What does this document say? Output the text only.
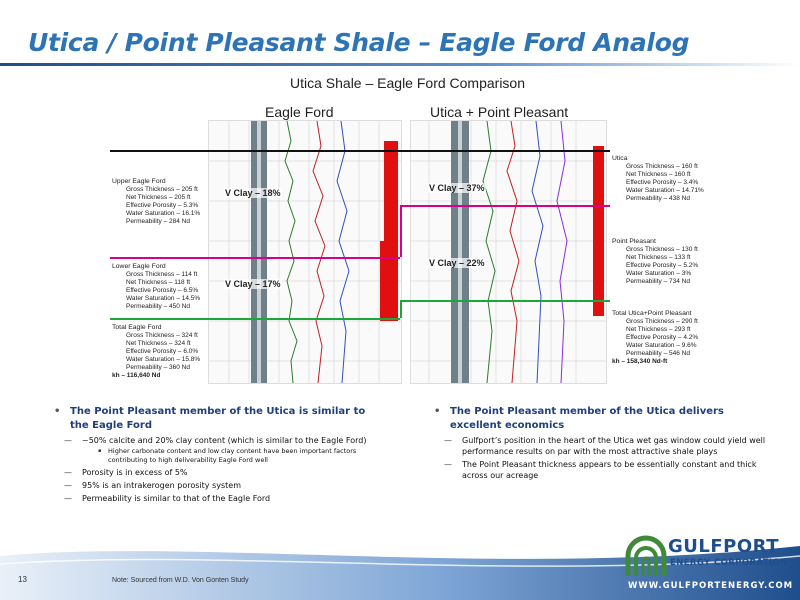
Utica / Point Pleasant Shale – Eagle Ford Analog
Utica Shale – Eagle Ford Comparison
Eagle Ford	Utica + Point Pleasant
V Clay – 18%
V Clay – 17%
V Clay – 37%
V Clay – 22%
Upper Eagle Ford
Gross Thickness – 205 ft
Net Thickness – 205 ft
Effective Porosity – 5.3%
Water Saturation – 16.1%
Permeability – 284 Nd
Lower Eagle Ford
Gross Thickness – 114 ft
Net Thickness – 118 ft
Effective Porosity – 6.5%
Water Saturation – 14.5%
Permeability – 450 Nd
Total Eagle Ford
Gross Thickness – 324 ft
Net Thickness – 324 ft
Effective Porosity – 6.0%
Water Saturation – 15.8%
Permeability – 360 Nd
kh – 116,640 Nd
Utica
Gross Thickness – 160 ft
Net Thickness – 160 ft
Effective Porosity – 3.4%
Water Saturation – 14.71%
Permeability – 438 Nd
Point Pleasant
Gross Thickness – 130 ft
Net Thickness – 133 ft
Effective Porosity – 5.2%
Water Saturation – 3%
Permeability – 734 Nd
Total Utica+Point Pleasant
Gross Thickness – 290 ft
Net Thickness – 293 ft
Effective Porosity – 4.2%
Water Saturation – 9.6%
Permeability – 546 Nd
kh – 158,340 Nd-ft
• The Point Pleasant member of the Utica is similar to the Eagle Ford
— ~50% calcite and 20% clay content (which is similar to the Eagle Ford)
▪ Higher carbonate content and low clay content have been important factors contributing to high deliverability Eagle Ford well
— Porosity is in excess of 5%
— 95% is an intrakerogen porosity system
— Permeability is similar to that of the Eagle Ford
• The Point Pleasant member of the Utica delivers excellent economics
— Gulfport’s position in the heart of the Utica wet gas window could yield well performance results on par with the most attractive shale plays
— The Point Pleasant thickness appears to be essentially constant and thick across our acreage
13	Note: Sourced from W.D. Von Gonten Study
GULFPORT
ENERGY CORPORATION
WWW.GULFPORTENERGY.COM
